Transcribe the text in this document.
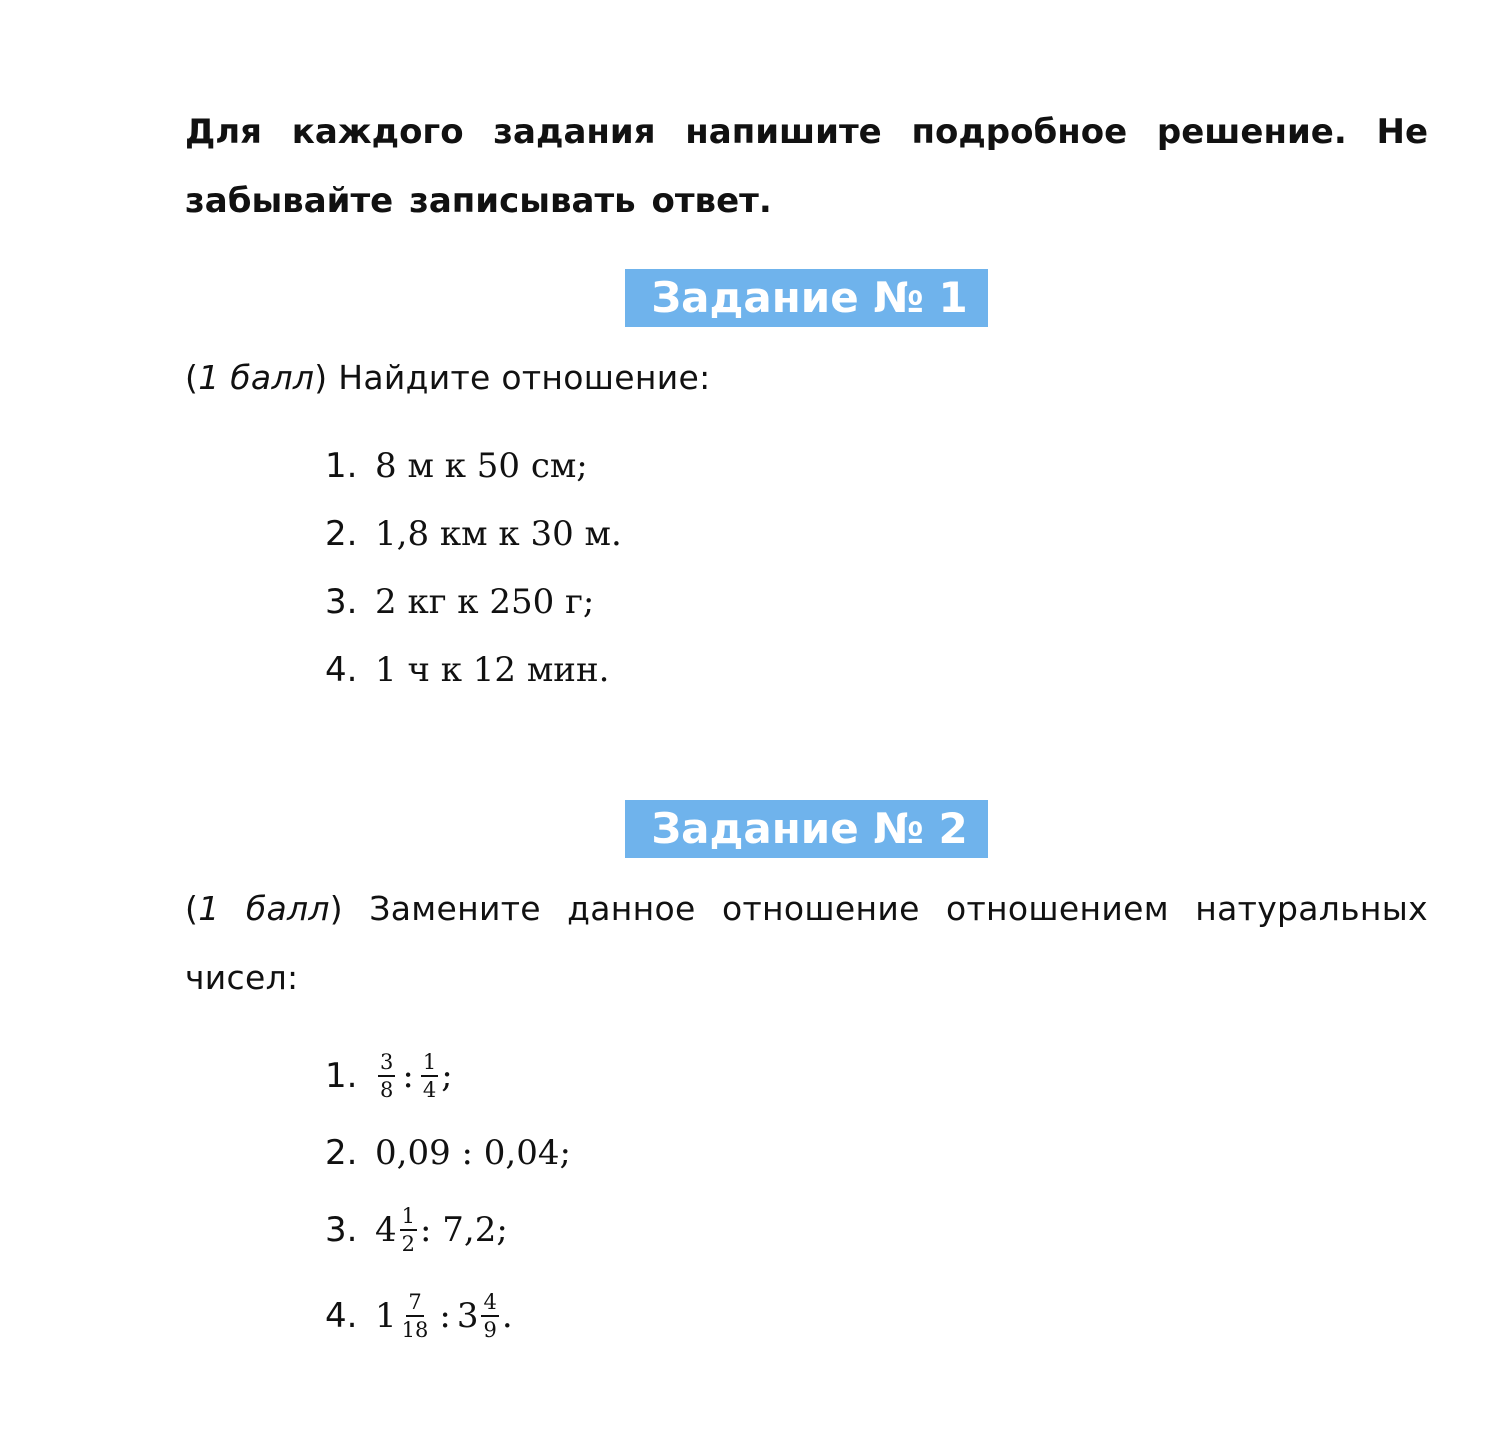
Для каждого задания напишите подробное решение. Не забывайте записывать ответ.
Задание № 1
(1 балл) Найдите отношение:
1. 8 м к 50 см;
2. 1,8 км к 30 м.
3. 2 кг к 250 г;
4. 1 ч к 12 мин.
Задание № 2
(1 балл) Замените данное отношение отношением натуральных чисел:
1. $\frac{3}{8}$ : $\frac{1}{4}$ ;
2. 0,09 : 0,04;
3. $4 \frac{1}{2}$ : 7,2;
4. $1 \frac{7}{18}$ : $3 \frac{4}{9}$ .
